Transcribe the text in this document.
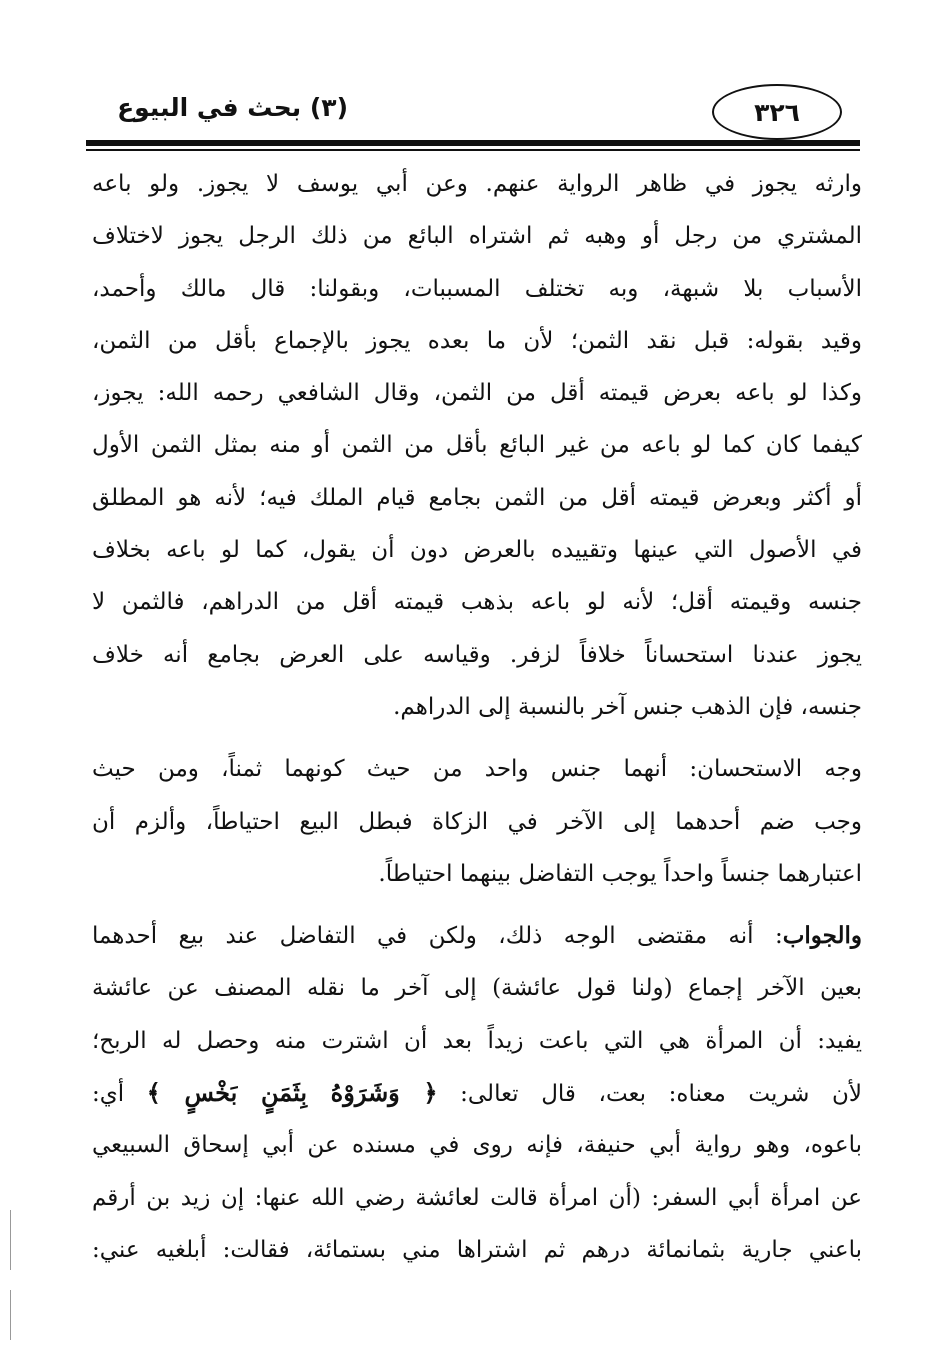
(٣) بحث في البيوع	٣٢٦
وارثه يجوز في ظاهر الرواية عنهم. وعن أبي يوسف لا يجوز. ولو باعه
المشتري من رجل أو وهبه ثم اشتراه البائع من ذلك الرجل يجوز لاختلاف
الأسباب بلا شبهة، وبه تختلف المسببات، وبقولنا: قال مالك وأحمد،
وقيد بقوله: قبل نقد الثمن؛ لأن ما بعده يجوز بالإجماع بأقل من الثمن،
وكذا لو باعه بعرض قيمته أقل من الثمن، وقال الشافعي رحمه الله: يجوز،
كيفما كان كما لو باعه من غير البائع بأقل من الثمن أو منه بمثل الثمن الأول
أو أكثر وبعرض قيمته أقل من الثمن بجامع قيام الملك فيه؛ لأنه هو المطلق
في الأصول التي عينها وتقييده بالعرض دون أن يقول، كما لو باعه بخلاف
جنسه وقيمته أقل؛ لأنه لو باعه بذهب قيمته أقل من الدراهم، فالثمن لا
يجوز عندنا استحساناً خلافاً لزفر. وقياسه على العرض بجامع أنه خلاف
جنسه، فإن الذهب جنس آخر بالنسبة إلى الدراهم.
وجه الاستحسان: أنهما جنس واحد من حيث كونهما ثمناً، ومن حيث
وجب ضم أحدهما إلى الآخر في الزكاة فبطل البيع احتياطاً، وألزم أن
اعتبارهما جنساً واحداً يوجب التفاضل بينهما احتياطاً.
والجواب: أنه مقتضى الوجه ذلك، ولكن في التفاضل عند بيع أحدهما
بعين الآخر إجماع (ولنا قول عائشة) إلى آخر ما نقله المصنف عن عائشة
يفيد: أن المرأة هي التي باعت زيداً بعد أن اشترت منه وحصل له الربح؛
لأن شريت معناه: بعت، قال تعالى: ﴿ وَشَرَوْهُ بِثَمَنٍ بَخْسٍ ﴾ أي:
باعوه، وهو رواية أبي حنيفة، فإنه روى في مسنده عن أبي إسحاق السبيعي
عن امرأة أبي السفر: (أن امرأة قالت لعائشة رضي الله عنها: إن زيد بن أرقم
باعني جارية بثمانمائة درهم ثم اشتراها مني بستمائة، فقالت: أبلغيه عني:
